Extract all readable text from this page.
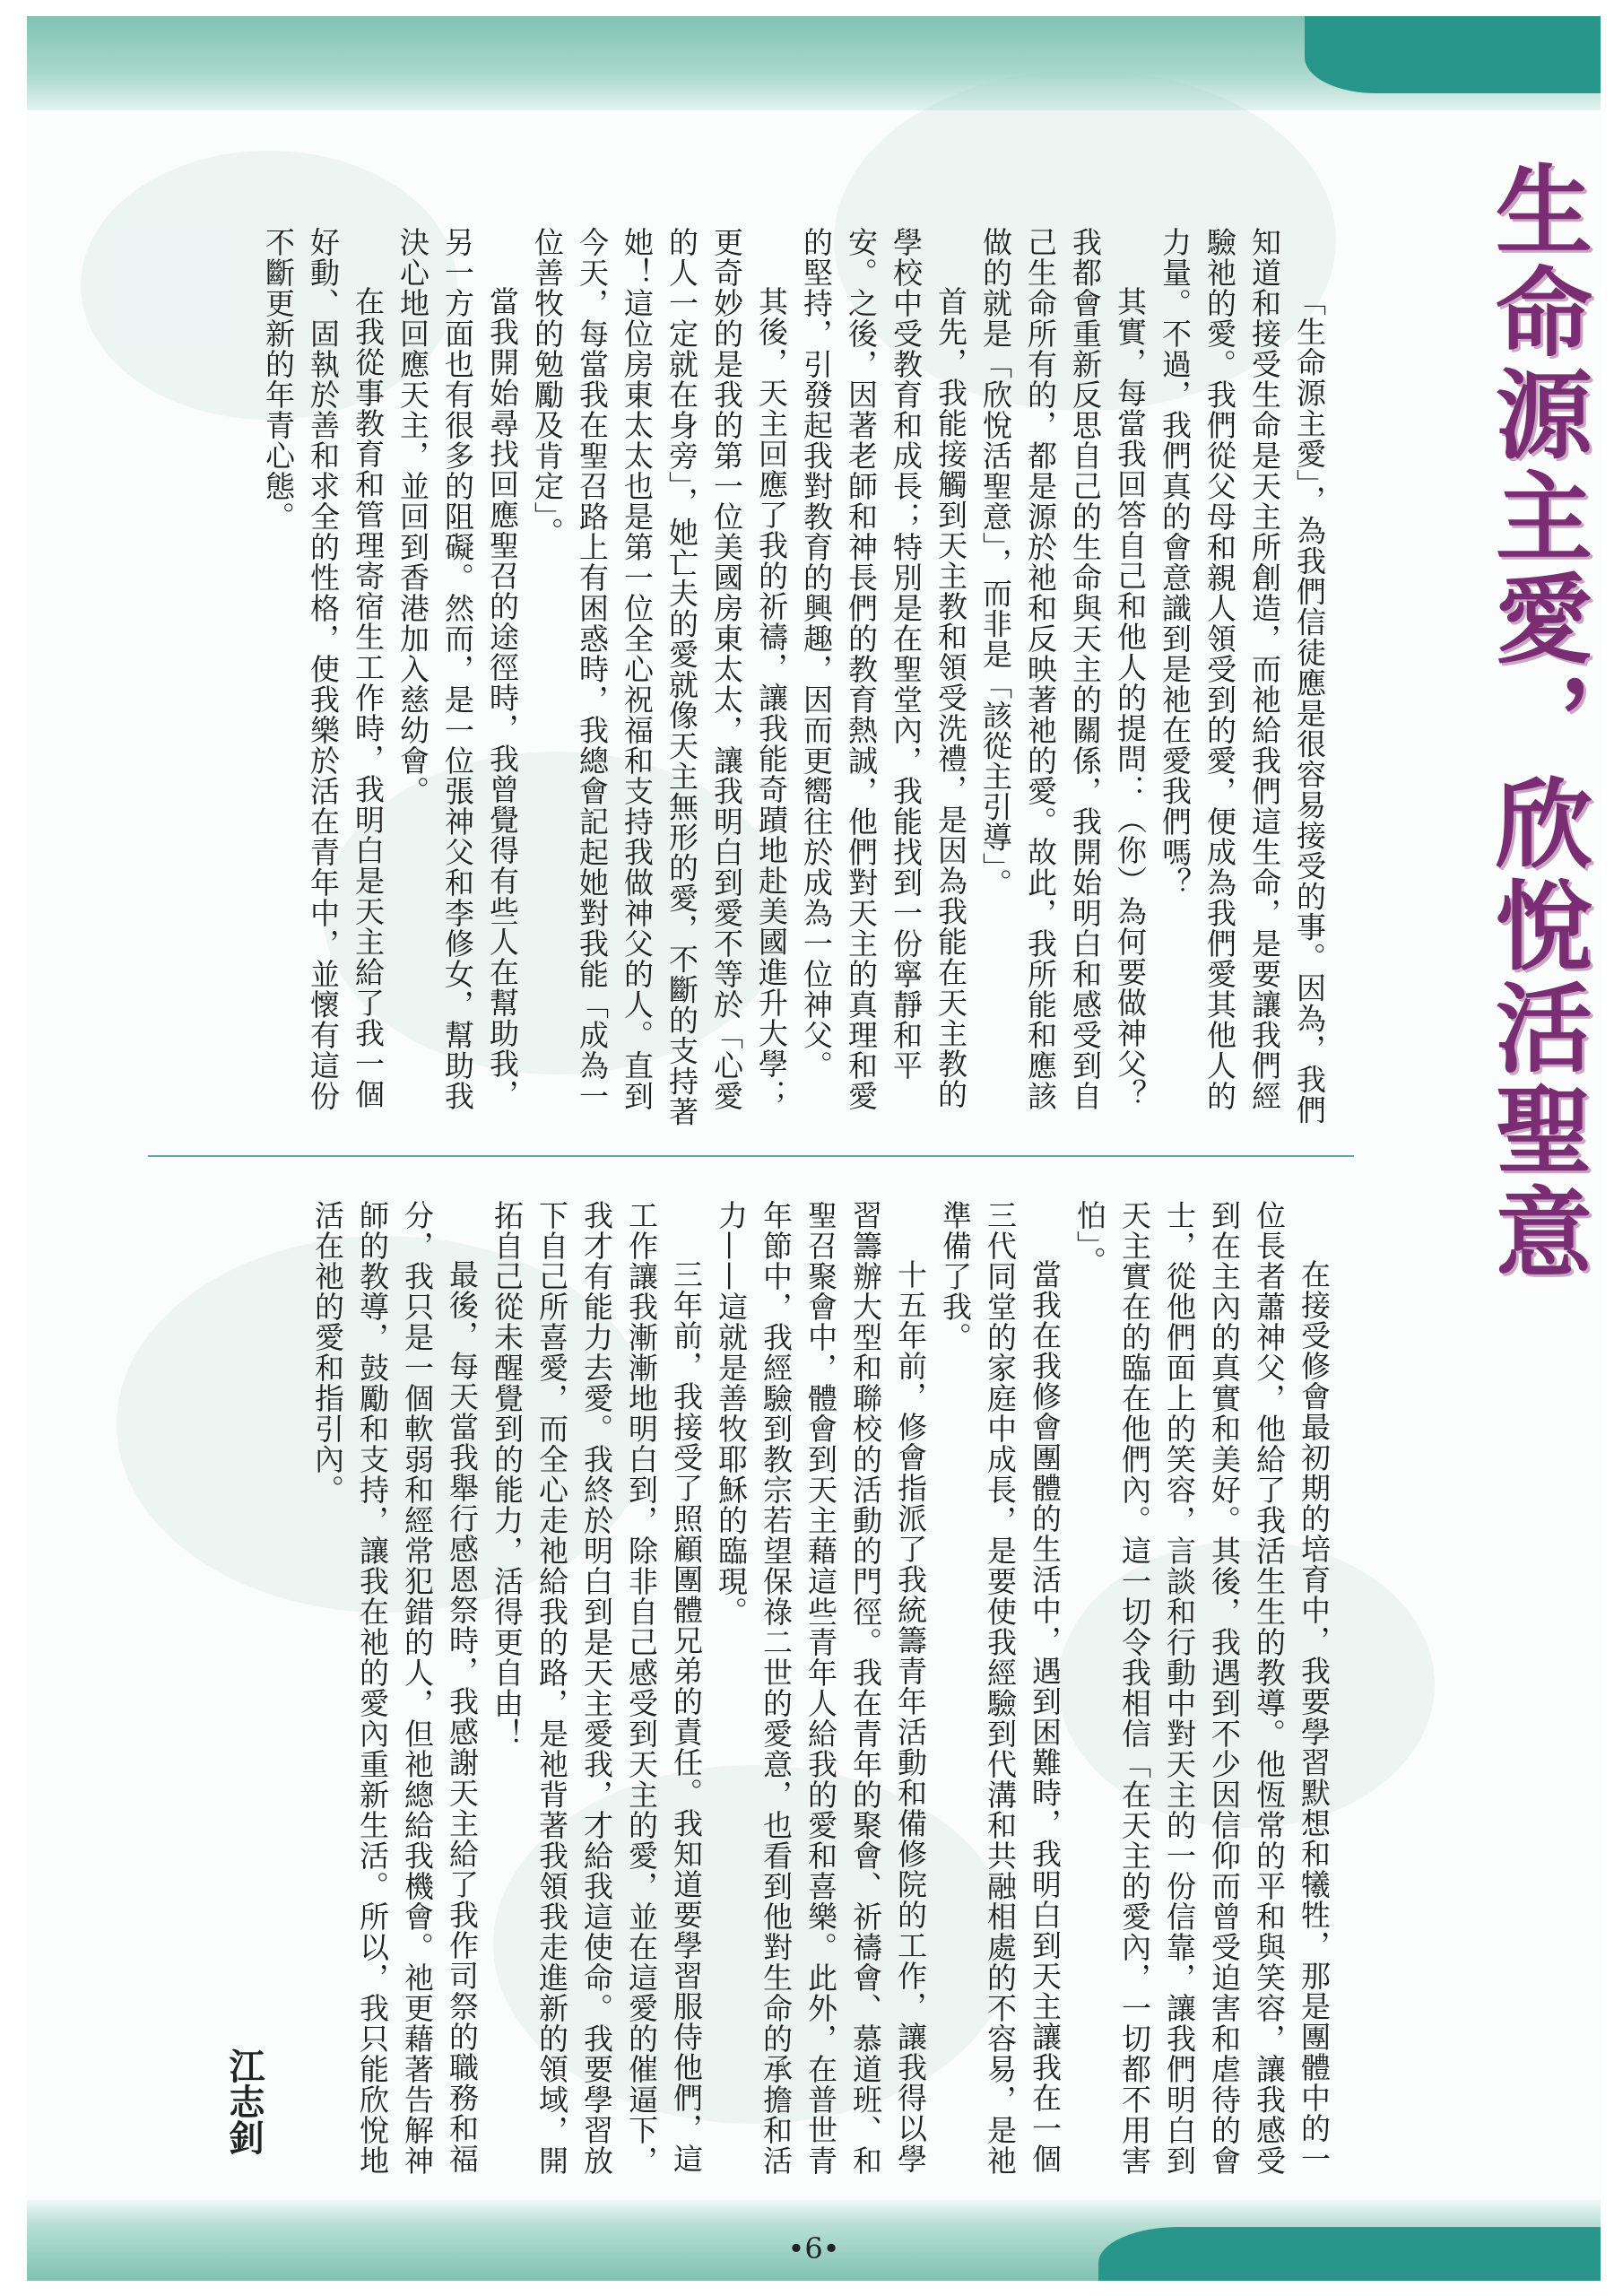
生命源主愛，欣悅活聖意

「生命源主愛」，為我們信徒應是很容易接受的事。因為，我們知道和接受生命是天主所創造，而祂給我們這生命，是要讓我們經驗祂的愛。我們從父母和親人領受到的愛，便成為我們愛其他人的力量。不過，我們真的會意識到是祂在愛我們嗎？

其實，每當我回答自己和他人的提問：（你）為何要做神父？我都會重新反思自己的生命與天主的關係，我開始明白和感受到自己生命所有的，都是源於祂和反映著祂的愛。故此，我所能和應該做的就是「欣悅活聖意」，而非是「該從主引導」。

首先，我能接觸到天主教和領受洗禮，是因為我能在天主教的學校中受教育和成長；特別是在聖堂內，我能找到一份寧靜和平安。之後，因著老師和神長們的教育熱誠，他們對天主的真理和愛的堅持，引發起我對教育的興趣，因而更嚮往於成為一位神父。

其後，天主回應了我的祈禱，讓我能奇蹟地赴美國進升大學；更奇妙的是我的第一位美國房東太太，讓我明白到愛不等於「心愛的人一定就在身旁」，她亡夫的愛就像天主無形的愛，不斷的支持著她！這位房東太太也是第一位全心祝福和支持我做神父的人。直到今天，每當我在聖召路上有困惑時，我總會記起她對我能「成為一位善牧的勉勵及肯定」。

當我開始尋找回應聖召的途徑時，我曾覺得有些人在幫助我，另一方面也有很多的阻礙。然而，是一位張神父和李修女，幫助我決心地回應天主，並回到香港加入慈幼會。

在我從事教育和管理寄宿生工作時，我明白是天主給了我一個好動、固執於善和求全的性格，使我樂於活在青年中，並懷有這份不斷更新的年青心態。

在接受修會最初期的培育中，我要學習默想和犧牲，那是團體中的一位長者蕭神父，他給了我活生生的教導。他恆常的平和與笑容，讓我感受到在主內的真實和美好。其後，我遇到不少因信仰而曾受迫害和虐待的會士，從他們面上的笑容，言談和行動中對天主的一份信靠，讓我們明白到天主實在的臨在他們內。這一切令我相信「在天主的愛內，一切都不用害怕」。

當我在我修會團體的生活中，遇到困難時，我明白到天主讓我在一個三代同堂的家庭中成長，是要使我經驗到代溝和共融相處的不容易，是祂準備了我。

十五年前，修會指派了我統籌青年活動和備修院的工作，讓我得以學習籌辦大型和聯校的活動的門徑。我在青年的聚會、祈禱會、慕道班、和聖召聚會中，體會到天主藉這些青年人給我的愛和喜樂。此外，在普世青年節中，我經驗到教宗若望保祿二世的愛意，也看到他對生命的承擔和活力——這就是善牧耶穌的臨現。

三年前，我接受了照顧團體兄弟的責任。我知道要學習服侍他們，這工作讓我漸漸地明白到，除非自己感受到天主的愛，並在這愛的催逼下，我才有能力去愛。我終於明白到是天主愛我，才給我這使命。我要學習放下自己所喜愛，而全心走祂給我的路，是祂背著我領我走進新的領域，開拓自己從未醒覺到的能力，活得更自由！

最後，每天當我舉行感恩祭時，我感謝天主給了我作司祭的職務和福分，我只是一個軟弱和經常犯錯的人，但祂總給我機會。祂更藉著告解神師的教導，鼓勵和支持，讓我在祂的愛內重新生活。所以，我只能欣悅地活在祂的愛和指引內。

江志釗
•6•
